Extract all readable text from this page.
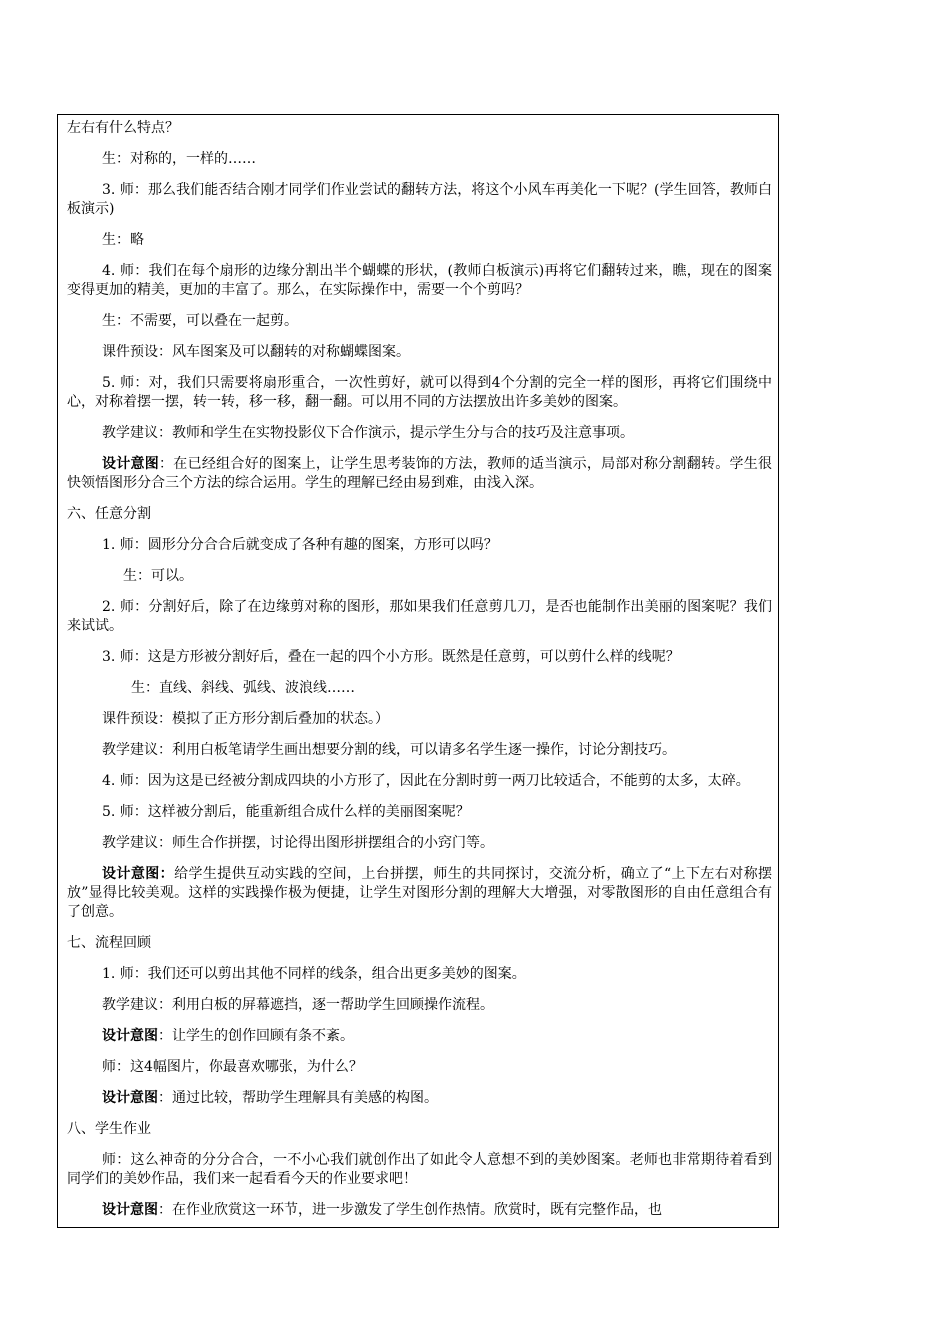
左右有什么特点？

生：对称的，一样的……

3. 师：那么我们能否结合刚才同学们作业尝试的翻转方法，将这个小风车再美化一下呢？(学生回答，教师白板演示)

生：略

4. 师：我们在每个扇形的边缘分割出半个蝴蝶的形状，(教师白板演示)再将它们翻转过来，瞧，现在的图案变得更加的精美，更加的丰富了。那么，在实际操作中，需要一个个剪吗？

生：不需要，可以叠在一起剪。

课件预设：风车图案及可以翻转的对称蝴蝶图案。

5. 师：对，我们只需要将扇形重合，一次性剪好，就可以得到4个分割的完全一样的图形，再将它们围绕中心，对称着摆一摆，转一转，移一移，翻一翻。可以用不同的方法摆放出许多美妙的图案。

教学建议：教师和学生在实物投影仪下合作演示，提示学生分与合的技巧及注意事项。

设计意图：在已经组合好的图案上，让学生思考装饰的方法，教师的适当演示，局部对称分割翻转。学生很快领悟图形分合三个方法的综合运用。学生的理解已经由易到难，由浅入深。

六、任意分割

1. 师：圆形分分合合后就变成了各种有趣的图案，方形可以吗？

生：可以。

2. 师：分割好后，除了在边缘剪对称的图形，那如果我们任意剪几刀，是否也能制作出美丽的图案呢？我们来试试。

3. 师：这是方形被分割好后，叠在一起的四个小方形。既然是任意剪，可以剪什么样的线呢？

生：直线、斜线、弧线、波浪线……

课件预设：模拟了正方形分割后叠加的状态。）

教学建议：利用白板笔请学生画出想要分割的线，可以请多名学生逐一操作，讨论分割技巧。

4. 师：因为这是已经被分割成四块的小方形了，因此在分割时剪一两刀比较适合，不能剪的太多，太碎。

5. 师：这样被分割后，能重新组合成什么样的美丽图案呢？

教学建议：师生合作拼摆，讨论得出图形拼摆组合的小窍门等。

设计意图：给学生提供互动实践的空间，上台拼摆，师生的共同探讨，交流分析，确立了“上下左右对称摆放”显得比较美观。这样的实践操作极为便捷，让学生对图形分割的理解大大增强，对零散图形的自由任意组合有了创意。

七、流程回顾

1. 师：我们还可以剪出其他不同样的线条，组合出更多美妙的图案。

教学建议：利用白板的屏幕遮挡，逐一帮助学生回顾操作流程。

设计意图：让学生的创作回顾有条不紊。

师：这4幅图片，你最喜欢哪张，为什么？

设计意图：通过比较，帮助学生理解具有美感的构图。

八、学生作业

师：这么神奇的分分合合，一不小心我们就创作出了如此令人意想不到的美妙图案。老师也非常期待着看到同学们的美妙作品，我们来一起看看今天的作业要求吧！

设计意图：在作业欣赏这一环节，进一步激发了学生创作热情。欣赏时，既有完整作品，也
